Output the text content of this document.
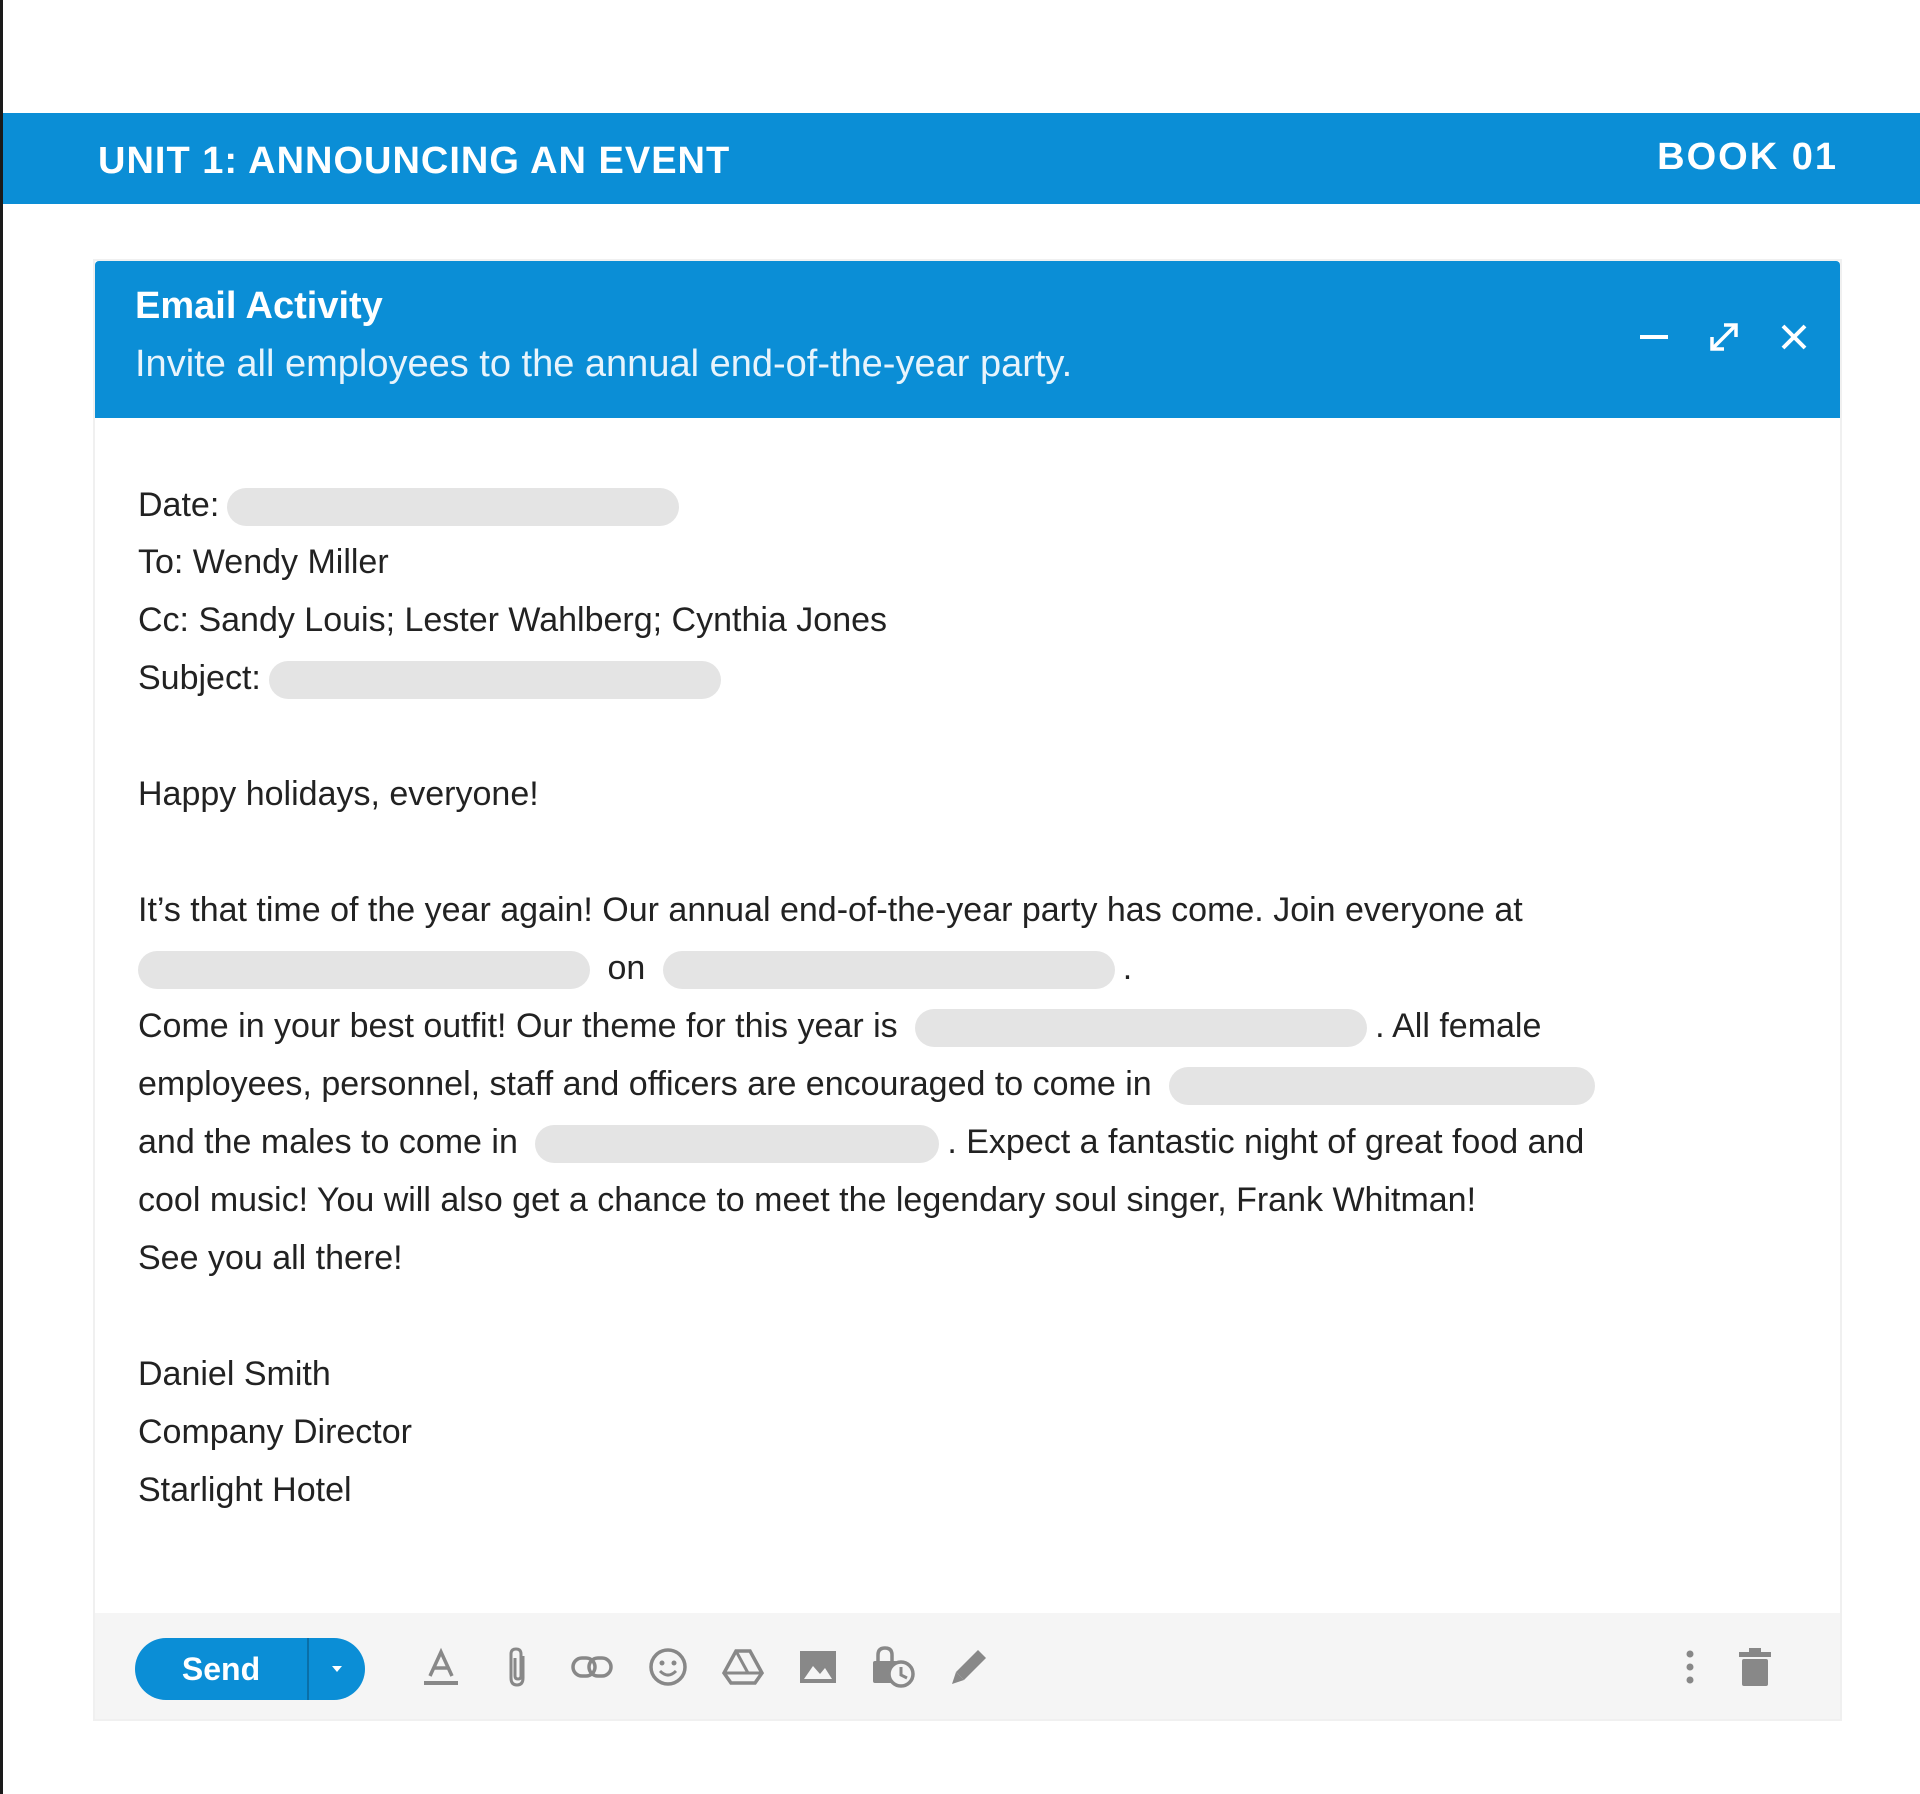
UNIT 1: ANNOUNCING AN EVENT	BOOK 01
Email Activity
Invite all employees to the annual end-of-the-year party.
Date:
To: Wendy Miller
Cc: Sandy Louis; Lester Wahlberg; Cynthia Jones
Subject:
Happy holidays, everyone!
It’s that time of the year again! Our annual end-of-the-year party has come. Join everyone at
on	.
Come in your best outfit! Our theme for this year is	. All female
employees, personnel, staff and officers are encouraged to come in
and the males to come in	. Expect a fantastic night of great food and
cool music! You will also get a chance to meet the legendary soul singer, Frank Whitman!
See you all there!
Daniel Smith
Company Director
Starlight Hotel
Send
